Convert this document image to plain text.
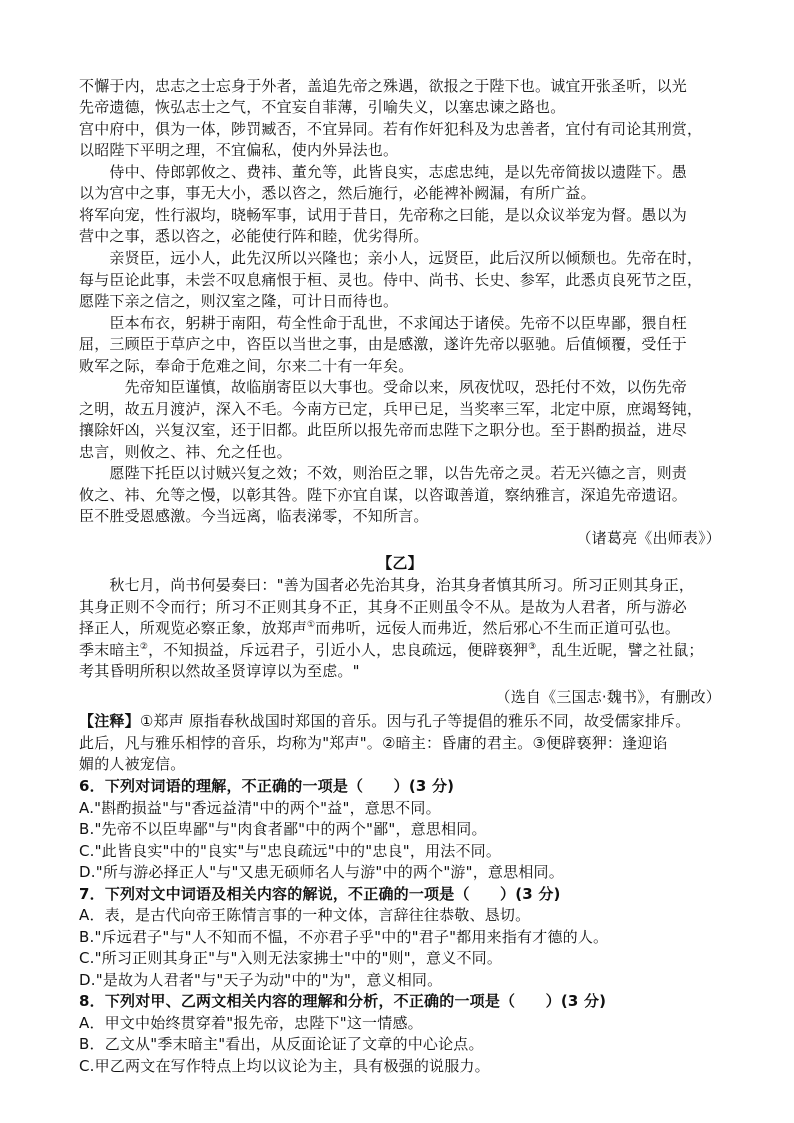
不懈于内，忠志之士忘身于外者，盖追先帝之殊遇，欲报之于陛下也。诚宜开张圣听，以光
先帝遗德，恢弘志士之气，不宜妄自菲薄，引喻失义，以塞忠谏之路也。
宫中府中，俱为一体，陟罚臧否，不宜异同。若有作奸犯科及为忠善者，宜付有司论其刑赏，
以昭陛下平明之理，不宜偏私，使内外异法也。
　　侍中、侍郎郭攸之、费祎、董允等，此皆良实，志虑忠纯，是以先帝简拔以遗陛下。愚
以为宫中之事，事无大小，悉以咨之，然后施行，必能裨补阙漏，有所广益。
将军向宠，性行淑均，晓畅军事，试用于昔日，先帝称之曰能，是以众议举宠为督。愚以为
营中之事，悉以咨之，必能使行阵和睦，优劣得所。
　　亲贤臣，远小人，此先汉所以兴隆也；亲小人，远贤臣，此后汉所以倾颓也。先帝在时，
每与臣论此事，未尝不叹息痛恨于桓、灵也。侍中、尚书、长史、参军，此悉贞良死节之臣，
愿陛下亲之信之，则汉室之隆，可计日而待也。
　　臣本布衣，躬耕于南阳，苟全性命于乱世，不求闻达于诸侯。先帝不以臣卑鄙，猥自枉
屈，三顾臣于草庐之中，咨臣以当世之事，由是感激，遂许先帝以驱驰。后值倾覆，受任于
败军之际，奉命于危难之间，尔来二十有一年矣。
　　　先帝知臣谨慎，故临崩寄臣以大事也。受命以来，夙夜忧叹，恐托付不效，以伤先帝
之明，故五月渡泸，深入不毛。今南方已定，兵甲已足，当奖率三军，北定中原，庶竭驽钝，
攘除奸凶，兴复汉室，还于旧都。此臣所以报先帝而忠陛下之职分也。至于斟酌损益，进尽
忠言，则攸之、祎、允之任也。
　　愿陛下托臣以讨贼兴复之效；不效，则治臣之罪，以告先帝之灵。若无兴德之言，则责
攸之、祎、允等之慢，以彰其咎。陛下亦宜自谋，以咨诹善道，察纳雅言，深追先帝遗诏。
臣不胜受恩感激。今当远离，临表涕零，不知所言。
（诸葛亮《出师表》）
【乙】
　　秋七月，尚书何晏奏曰："善为国者必先治其身，治其身者慎其所习。所习正则其身正，
其身正则不令而行；所习不正则其身不正，其身不正则虽令不从。是故为人君者，所与游必
择正人，所观览必察正象，放郑声①而弗听，远佞人而弗近，然后邪心不生而正道可弘也。
季末暗主②，不知损益，斥远君子，引近小人，忠良疏远，便辟亵狎③，乱生近昵，譬之社鼠；
考其昏明所积以然故圣贤谆谆以为至虑。"
（选自《三国志·魏书》，有删改）
【注释】①郑声 原指春秋战国时郑国的音乐。因与孔子等提倡的雅乐不同，故受儒家排斥。
此后，凡与雅乐相悖的音乐，均称为"郑声"。②暗主：昏庸的君主。③便辟亵狎：逢迎谄
媚的人被宠信。
6．下列对词语的理解，不正确的一项是（　　）(3 分)
A."斟酌损益"与"香远益清"中的两个"益"，意思不同。
B."先帝不以臣卑鄙"与"肉食者鄙"中的两个"鄙"，意思相同。
C."此皆良实"中的"良实"与"忠良疏远"中的"忠良"，用法不同。
D."所与游必择正人"与"又患无硕师名人与游"中的两个"游"，意思相同。
7．下列对文中词语及相关内容的解说，不正确的一项是（　　）(3 分)
A．表，是古代向帝王陈情言事的一种文体，言辞往往恭敬、恳切。
B."斥远君子"与"人不知而不愠，不亦君子乎"中的"君子"都用来指有才德的人。
C."所习正则其身正"与"入则无法家拂士"中的"则"，意义不同。
D."是故为人君者"与"天子为动"中的"为"，意义相同。
8．下列对甲、乙两文相关内容的理解和分析，不正确的一项是（　　）(3 分)
A．甲文中始终贯穿着"报先帝，忠陛下"这一情感。
B．乙文从"季末暗主"看出，从反面论证了文章的中心论点。
C.甲乙两文在写作特点上均以议论为主，具有极强的说服力。
